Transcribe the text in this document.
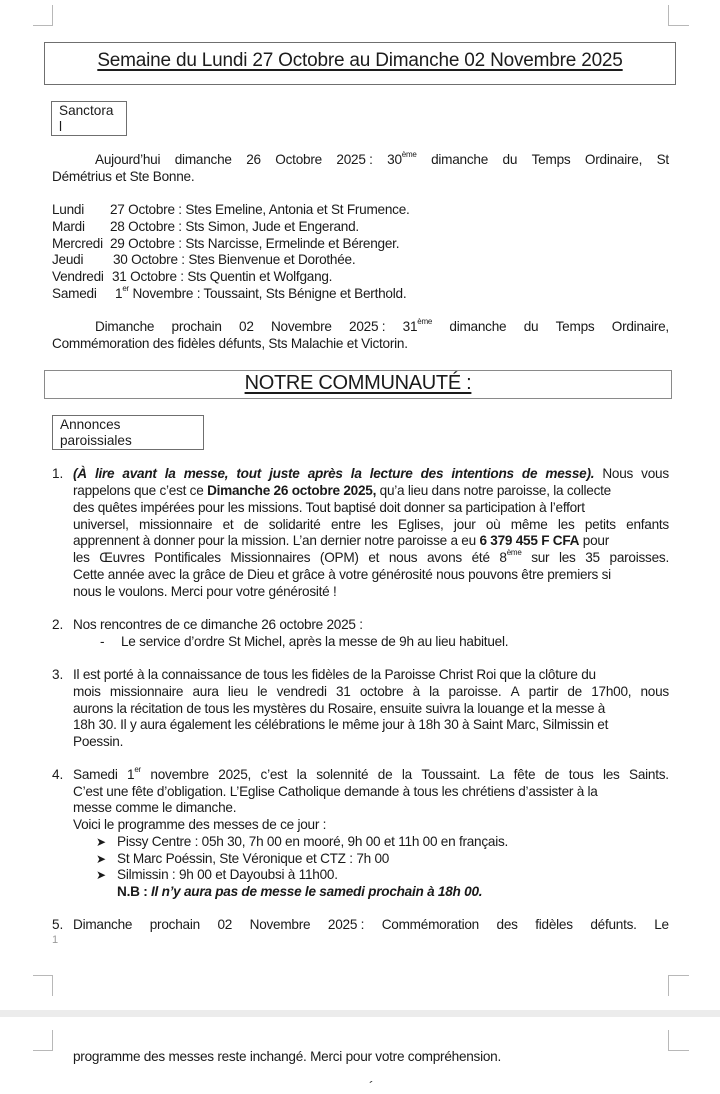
Semaine du Lundi 27 Octobre au Dimanche 02 Novembre 2025
Sanctora
l
Aujourd’hui dimanche 26 Octobre 2025 : 30ème dimanche du Temps Ordinaire, St
Démétrius et Ste Bonne.
Lundi 27 Octobre : Stes Emeline, Antonia et St Frumence.
Mardi 28 Octobre : Sts Simon, Jude et Engerand.
Mercredi 29 Octobre : Sts Narcisse, Ermelinde et Bérenger.
Jeudi 30 Octobre : Stes Bienvenue et Dorothée.
Vendredi 31 Octobre : Sts Quentin et Wolfgang.
Samedi 1er Novembre : Toussaint, Sts Bénigne et Berthold.
Dimanche prochain 02 Novembre 2025 : 31ème dimanche du Temps Ordinaire,
Commémoration des fidèles défunts, Sts Malachie et Victorin.
NOTRE COMMUNAUTÉ :
Annonces
paroissiales
1. (À lire avant la messe, tout juste après la lecture des intentions de messe). Nous vous
rappelons que c’est ce Dimanche 26 octobre 2025, qu’a lieu dans notre paroisse, la collecte
des quêtes impérées pour les missions. Tout baptisé doit donner sa participation à l’effort
universel, missionnaire et de solidarité entre les Eglises, jour où même les petits enfants
apprennent à donner pour la mission. L’an dernier notre paroisse a eu 6 379 455 F CFA pour
les Œuvres Pontificales Missionnaires (OPM) et nous avons été 8ème sur les 35 paroisses.
Cette année avec la grâce de Dieu et grâce à votre générosité nous pouvons être premiers si
nous le voulons. Merci pour votre générosité !
2. Nos rencontres de ce dimanche 26 octobre 2025 :
- Le service d’ordre St Michel, après la messe de 9h au lieu habituel.
3. Il est porté à la connaissance de tous les fidèles de la Paroisse Christ Roi que la clôture du
mois missionnaire aura lieu le vendredi 31 octobre à la paroisse. A partir de 17h00, nous
aurons la récitation de tous les mystères du Rosaire, ensuite suivra la louange et la messe à
18h 30. Il y aura également les célébrations le même jour à 18h 30 à Saint Marc, Silmissin et
Poessin.
4. Samedi 1er novembre 2025, c’est la solennité de la Toussaint. La fête de tous les Saints.
C’est une fête d’obligation. L’Eglise Catholique demande à tous les chrétiens d’assister à la
messe comme le dimanche.
Voici le programme des messes de ce jour :
➤ Pissy Centre : 05h 30, 7h 00 en mooré, 9h 00 et 11h 00 en français.
➤ St Marc Poéssin, Ste Véronique et CTZ : 7h 00
➤ Silmissin : 9h 00 et Dayoubsi à 11h00.
N.B : Il n’y aura pas de messe le samedi prochain à 18h 00.
5. Dimanche prochain 02 Novembre 2025 : Commémoration des fidèles défunts. Le
1
programme des messes reste inchangé. Merci pour votre compréhension.
´
